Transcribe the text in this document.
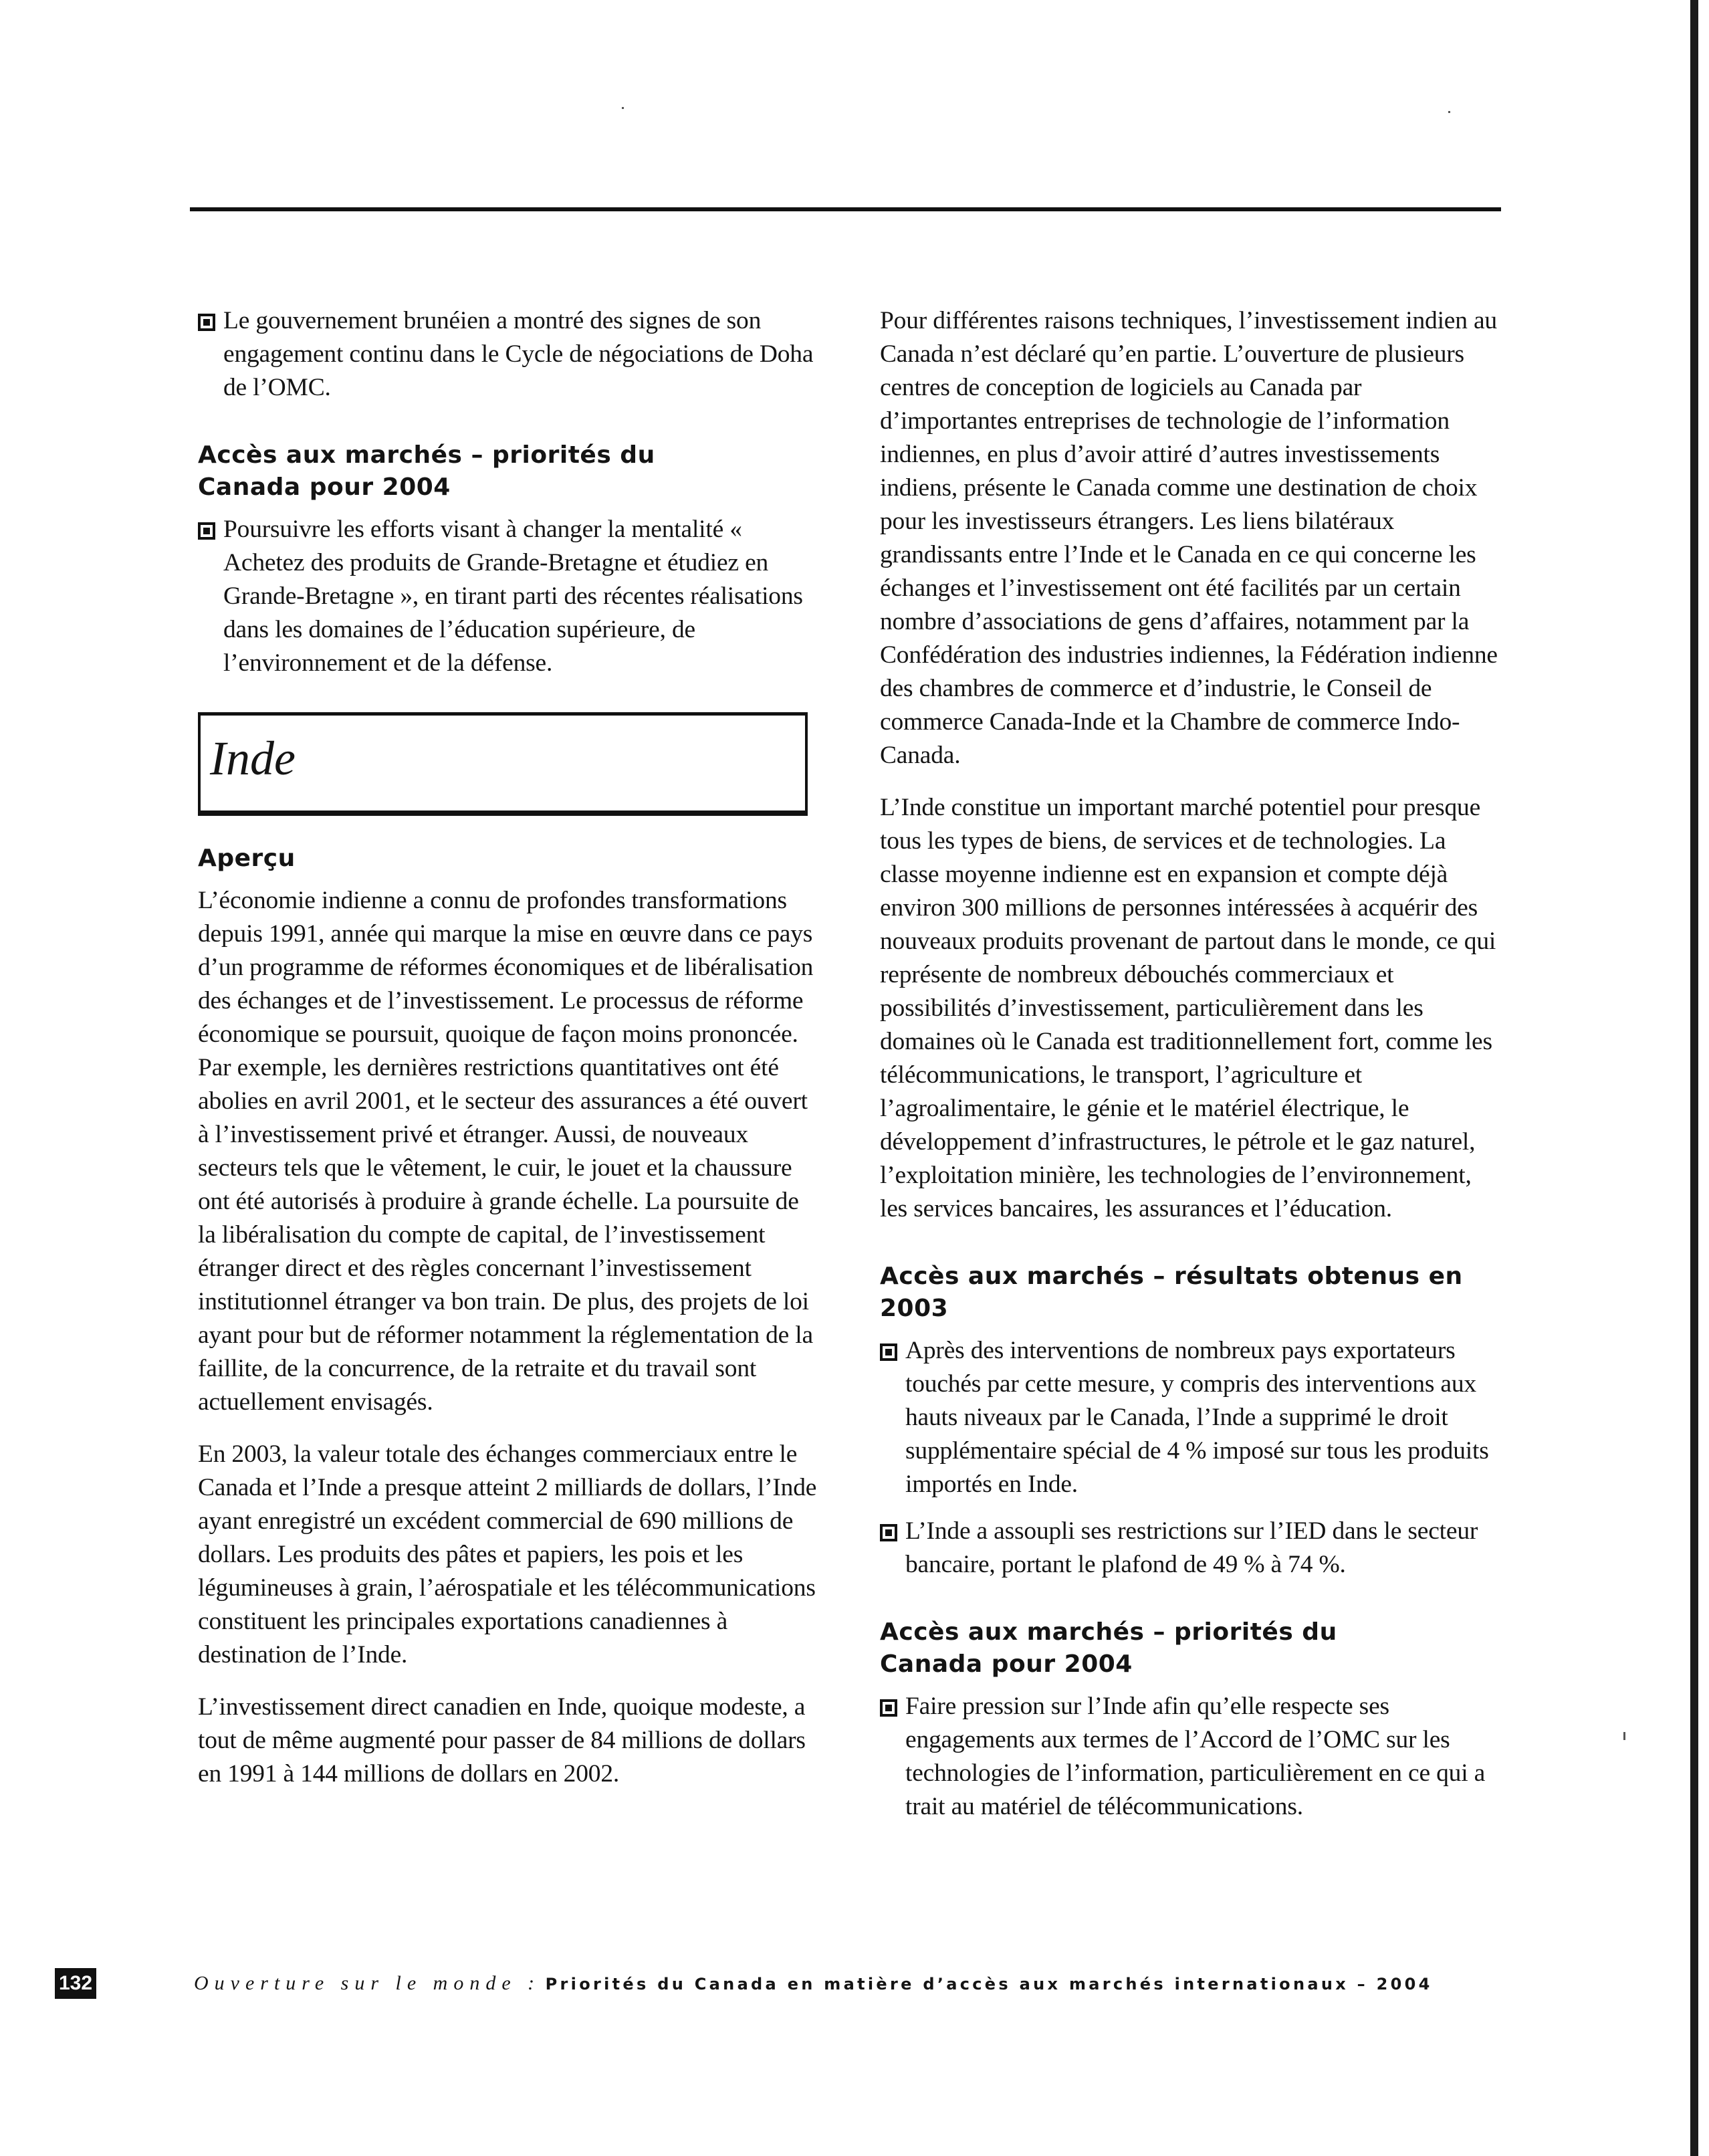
Le gouvernement brunéien a montré des signes de son engagement continu dans le Cycle de négociations de Doha de l’OMC.

Accès aux marchés – priorités du
Canada pour 2004

Poursuivre les efforts visant à changer la mentalité « Achetez des produits de Grande-Bretagne et étudiez en Grande-Bretagne », en tirant parti des récentes réalisations dans les domaines de l’éducation supérieure, de l’environnement et de la défense.

Inde
Aperçu

L’économie indienne a connu de profondes transformations depuis 1991, année qui marque la mise en œuvre dans ce pays d’un programme de réformes économiques et de libéralisation des échanges et de l’investissement. Le processus de réforme économique se poursuit, quoique de façon moins prononcée. Par exemple, les dernières restrictions quantitatives ont été abolies en avril 2001, et le secteur des assurances a été ouvert à l’investissement privé et étranger. Aussi, de nouveaux secteurs tels que le vêtement, le cuir, le jouet et la chaussure ont été autorisés à produire à grande échelle. La poursuite de la libéralisation du compte de capital, de l’investissement étranger direct et des règles concernant l’investissement institutionnel étranger va bon train. De plus, des projets de loi ayant pour but de réformer notamment la réglementation de la faillite, de la concurrence, de la retraite et du travail sont actuellement envisagés.

En 2003, la valeur totale des échanges commerciaux entre le Canada et l’Inde a presque atteint 2 milliards de dollars, l’Inde ayant enregistré un excédent commercial de 690 millions de dollars. Les produits des pâtes et papiers, les pois et les légumineuses à grain, l’aérospatiale et les télécommunications constituent les principales exportations canadiennes à destination de l’Inde.

L’investissement direct canadien en Inde, quoique modeste, a tout de même augmenté pour passer de 84 millions de dollars en 1991 à 144 millions de dollars en 2002.

Pour différentes raisons techniques, l’investissement indien au Canada n’est déclaré qu’en partie. L’ouverture de plusieurs centres de conception de logiciels au Canada par d’importantes entreprises de technologie de l’information indiennes, en plus d’avoir attiré d’autres investissements indiens, présente le Canada comme une destination de choix pour les investisseurs étrangers. Les liens bilatéraux grandissants entre l’Inde et le Canada en ce qui concerne les échanges et l’investissement ont été facilités par un certain nombre d’associations de gens d’affaires, notamment par la Confédération des industries indiennes, la Fédération indienne des chambres de commerce et d’industrie, le Conseil de commerce Canada-Inde et la Chambre de commerce Indo-Canada.

L’Inde constitue un important marché potentiel pour presque tous les types de biens, de services et de technologies. La classe moyenne indienne est en expansion et compte déjà environ 300 millions de personnes intéressées à acquérir des nouveaux produits provenant de partout dans le monde, ce qui représente de nombreux débouchés commerciaux et possibilités d’investissement, particulièrement dans les domaines où le Canada est traditionnellement fort, comme les télécommunications, le transport, l’agriculture et l’agroalimentaire, le génie et le matériel électrique, le développement d’infrastructures, le pétrole et le gaz naturel, l’exploitation minière, les technologies de l’environnement, les services bancaires, les assurances et l’éducation.

Accès aux marchés – résultats obtenus en 2003

Après des interventions de nombreux pays exportateurs touchés par cette mesure, y compris des interventions aux hauts niveaux par le Canada, l’Inde a supprimé le droit supplémentaire spécial de 4 % imposé sur tous les produits importés en Inde.

L’Inde a assoupli ses restrictions sur l’IED dans le secteur bancaire, portant le plafond de 49 % à 74 %.

Accès aux marchés – priorités du
Canada pour 2004

Faire pression sur l’Inde afin qu’elle respecte ses engagements aux termes de l’Accord de l’OMC sur les technologies de l’information, particulièrement en ce qui a trait au matériel de télécommunications.

132	Ouverture sur le monde : Priorités du Canada en matière d’accès aux marchés internationaux – 2004
